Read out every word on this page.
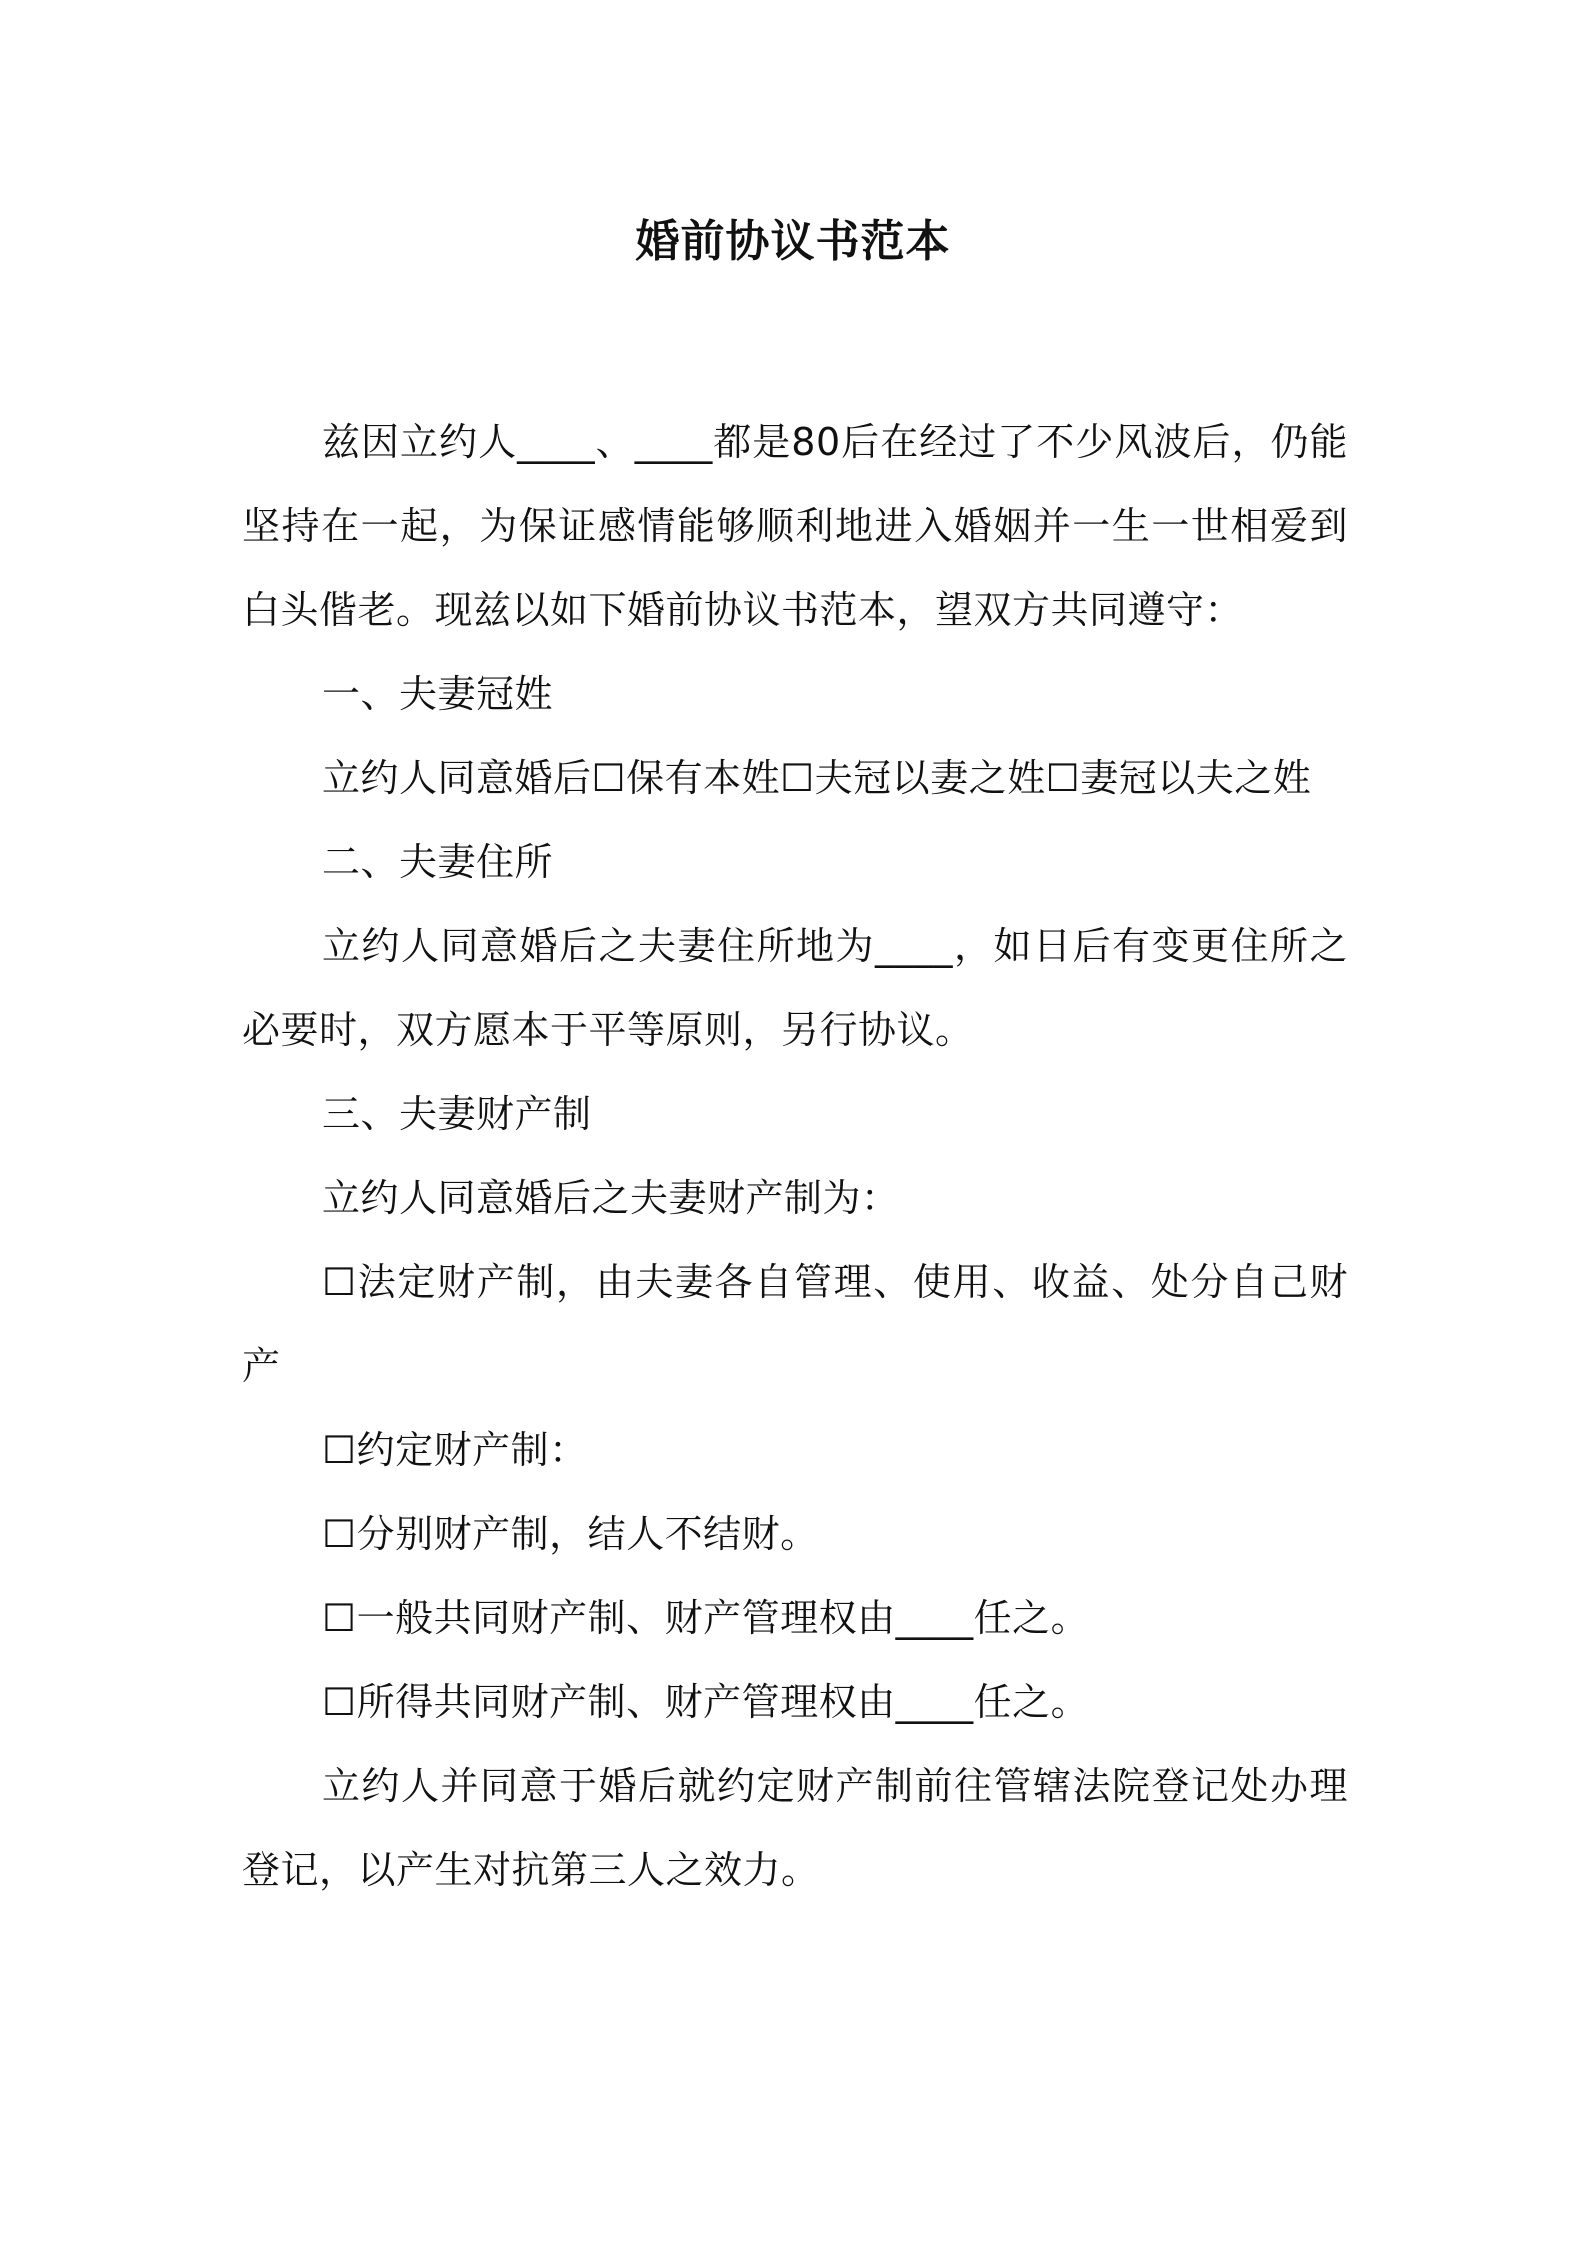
婚前协议书范本

兹因立约人____、____都是80后在经过了不少风波后，仍能坚持在一起，为保证感情能够顺利地进入婚姻并一生一世相爱到白头偕老。现兹以如下婚前协议书范本，望双方共同遵守：

一、夫妻冠姓

立约人同意婚后☐保有本姓☐夫冠以妻之姓☐妻冠以夫之姓

二、夫妻住所

立约人同意婚后之夫妻住所地为____，如日后有变更住所之必要时，双方愿本于平等原则，另行协议。

三、夫妻财产制

立约人同意婚后之夫妻财产制为：

☐法定财产制，由夫妻各自管理、使用、收益、处分自己财产

☐约定财产制：

☐分别财产制，结人不结财。

☐一般共同财产制、财产管理权由____任之。

☐所得共同财产制、财产管理权由____任之。

立约人并同意于婚后就约定财产制前往管辖法院登记处办理登记，以产生对抗第三人之效力。
